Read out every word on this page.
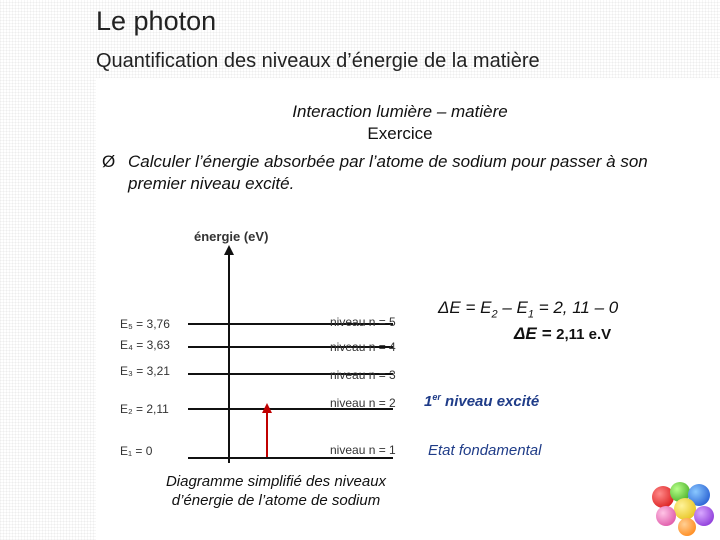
Le photon
Quantification des niveaux d’énergie de la matière
Interaction lumière – matière
Exercice
Ø Calculer l’énergie absorbée par l’atome de sodium pour passer à son premier niveau excité.
énergie (eV)
E₅ = 3,76	niveau n = 5
E₄ = 3,63	niveau n = 4
E₃ = 3,21	niveau n = 3
E₂ = 2,11	niveau n = 2
E₁ = 0	niveau n = 1
$\Delta E = E_2 - E_1 = 2$, 11 – 0
ΔE = 2,11 e.V
1er niveau excité
Etat fondamental
Diagramme simplifié des niveaux
d’énergie de l’atome de sodium
